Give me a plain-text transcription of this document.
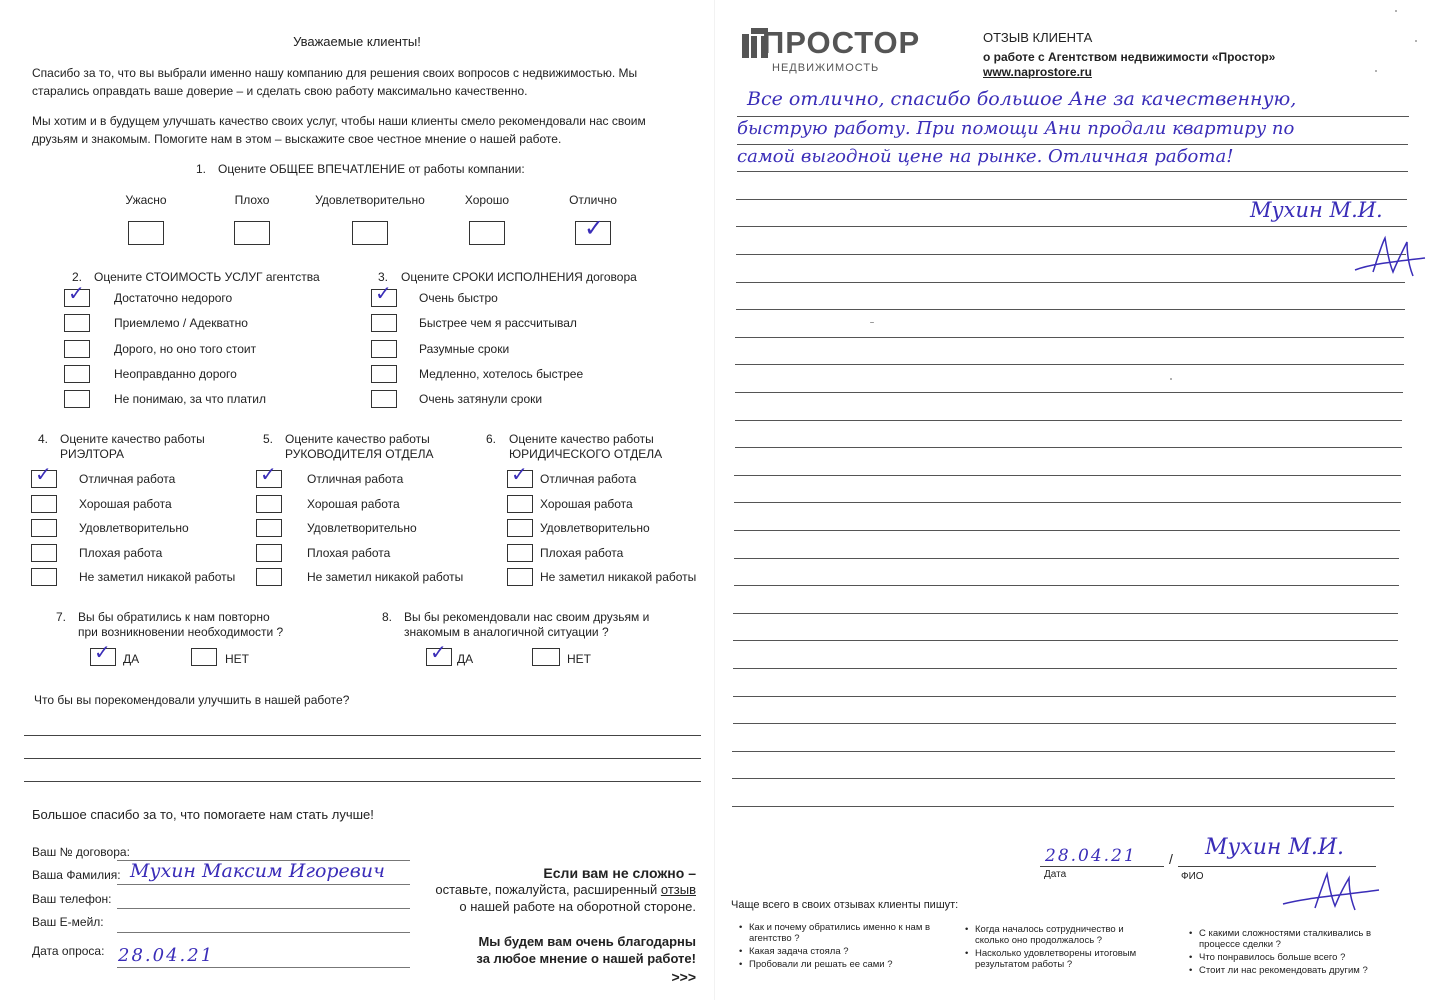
Уважаемые клиенты!
Спасибо за то, что вы выбрали именно нашу компанию для решения своих вопросов с недвижимостью. Мы старались оправдать ваше доверие – и сделать свою работу максимально качественно.
Мы хотим и в будущем улучшать качество своих услуг, чтобы наши клиенты смело рекомендовали нас своим друзьям и знакомым. Помогите нам в этом – выскажите свое честное мнение о нашей работе.
1. Оцените ОБЩЕЕ ВПЕЧАТЛЕНИЕ от работы компании:
Ужасно	Плохо	Удовлетворительно	Хорошо	Отлично
✓
2. Оцените СТОИМОСТЬ УСЛУГ агентства
✓ Достаточно недорого
Приемлемо / Адекватно
Дорого, но оно того стоит
Неоправданно дорого
Не понимаю, за что платил
3. Оцените СРОКИ ИСПОЛНЕНИЯ договора
✓ Очень быстро
Быстрее чем я рассчитывал
Разумные сроки
Медленно, хотелось быстрее
Очень затянули сроки
4. Оцените качество работы
РИЭЛТОРА
5. Оцените качество работы
РУКОВОДИТЕЛЯ ОТДЕЛА
6. Оцените качество работы
ЮРИДИЧЕСКОГО ОТДЕЛА
✓ Отличная работа
Хорошая работа
Удовлетворительно
Плохая работа
Не заметил никакой работы
✓	Отличная работа
Хорошая работа
Удовлетворительно
Плохая работа
Не заметил никакой работы
✓ Отличная работа
Хорошая работа
Удовлетворительно
Плохая работа
Не заметил никакой работы
7. Вы бы обратились к нам повторно
при возникновении необходимости ?
✓ ДА	НЕТ
8. Вы бы рекомендовали нас своим друзьям и
знакомым в аналогичной ситуации ?
✓ ДА	НЕТ
Что бы вы порекомендовали улучшить в нашей работе?
Большое спасибо за то, что помогаете нам стать лучше!
Ваш № договора:
Ваша Фамилия: Мухин Максим Игоревич
Ваш телефон:
Ваш Е-мейл:
Дата опроса: 28.04.21
Если вам не сложно –
оставьте, пожалуйста, расширенный отзыв
о нашей работе на оборотной стороне.
Мы будем вам очень благодарны
за любое мнение о нашей работе!
>>>
ПРОСТОР
НЕДВИЖИМОСТЬ
ОТЗЫВ КЛИЕНТА
о работе с Агентством недвижимости «Простор»
www.naprostore.ru
Все отлично, спасибо большое Ане за качественную,
быструю работу. При помощи Ани продали квартиру по
самой выгодной цене на рынке. Отличная работа!
Мухин М.И.
28.04.21
Дата
/
ФИО
Мухин М.И.
Чаще всего в своих отзывах клиенты пишут:
• Как и почему обратились именно к нам в агентство ?
• Какая задача стояла ?
• Пробовали ли решать ее сами ?
• Когда началось сотрудничество и сколько оно продолжалось ?
• Насколько удовлетворены итоговым результатом работы ?
• С какими сложностями сталкивались в процессе сделки ?
• Что понравилось больше всего ?
• Стоит ли нас рекомендовать другим ?
